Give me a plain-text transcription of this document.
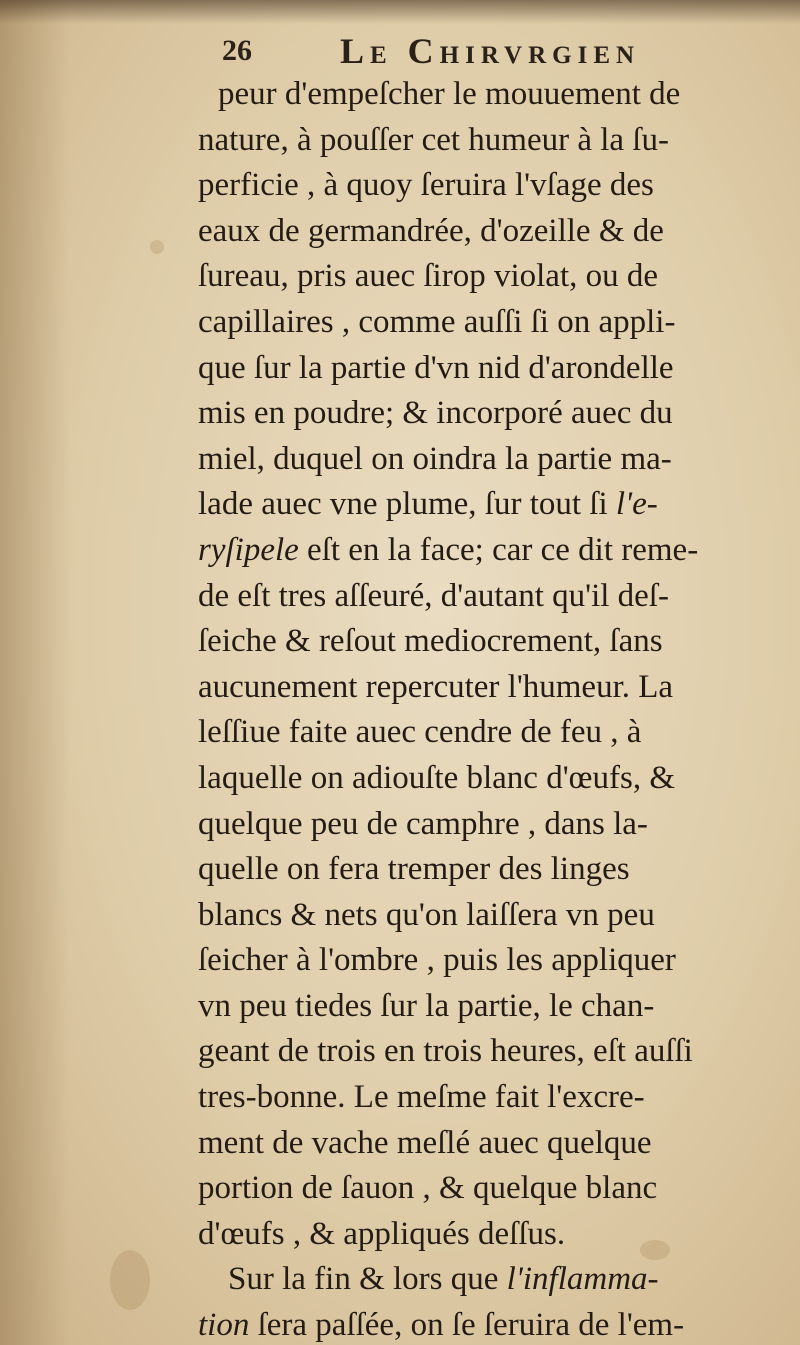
26 Le Chirvrgien
peur d'empeſcher le mouuement de
nature, à pouſſer cet humeur à la ſu-
perficie , à quoy ſeruira l'vſage des
eaux de germandrée, d'ozeille & de
ſureau, pris auec ſirop violat, ou de
capillaires , comme auſſi ſi on appli-
que ſur la partie d'vn nid d'arondelle
mis en poudre; & incorporé auec du
miel, duquel on oindra la partie ma-
lade auec vne plume, ſur tout ſi l'e-
ryſipele eſt en la face; car ce dit reme-
de eſt tres aſſeuré, d'autant qu'il deſ-
ſeiche & reſout mediocrement, ſans
aucunement repercuter l'humeur. La
leſſiue faite auec cendre de feu , à
laquelle on adiouſte blanc d'œufs, &
quelque peu de camphre , dans la-
quelle on fera tremper des linges
blancs & nets qu'on laiſſera vn peu
ſeicher à l'ombre , puis les appliquer
vn peu tiedes ſur la partie, le chan-
geant de trois en trois heures, eſt auſſi
tres-bonne. Le meſme fait l'excre-
ment de vache meſlé auec quelque
portion de ſauon , & quelque blanc
d'œufs , & appliqués deſſus.
Sur la fin & lors que l'inflamma-
tion ſera paſſée, on ſe ſeruira de l'em-
